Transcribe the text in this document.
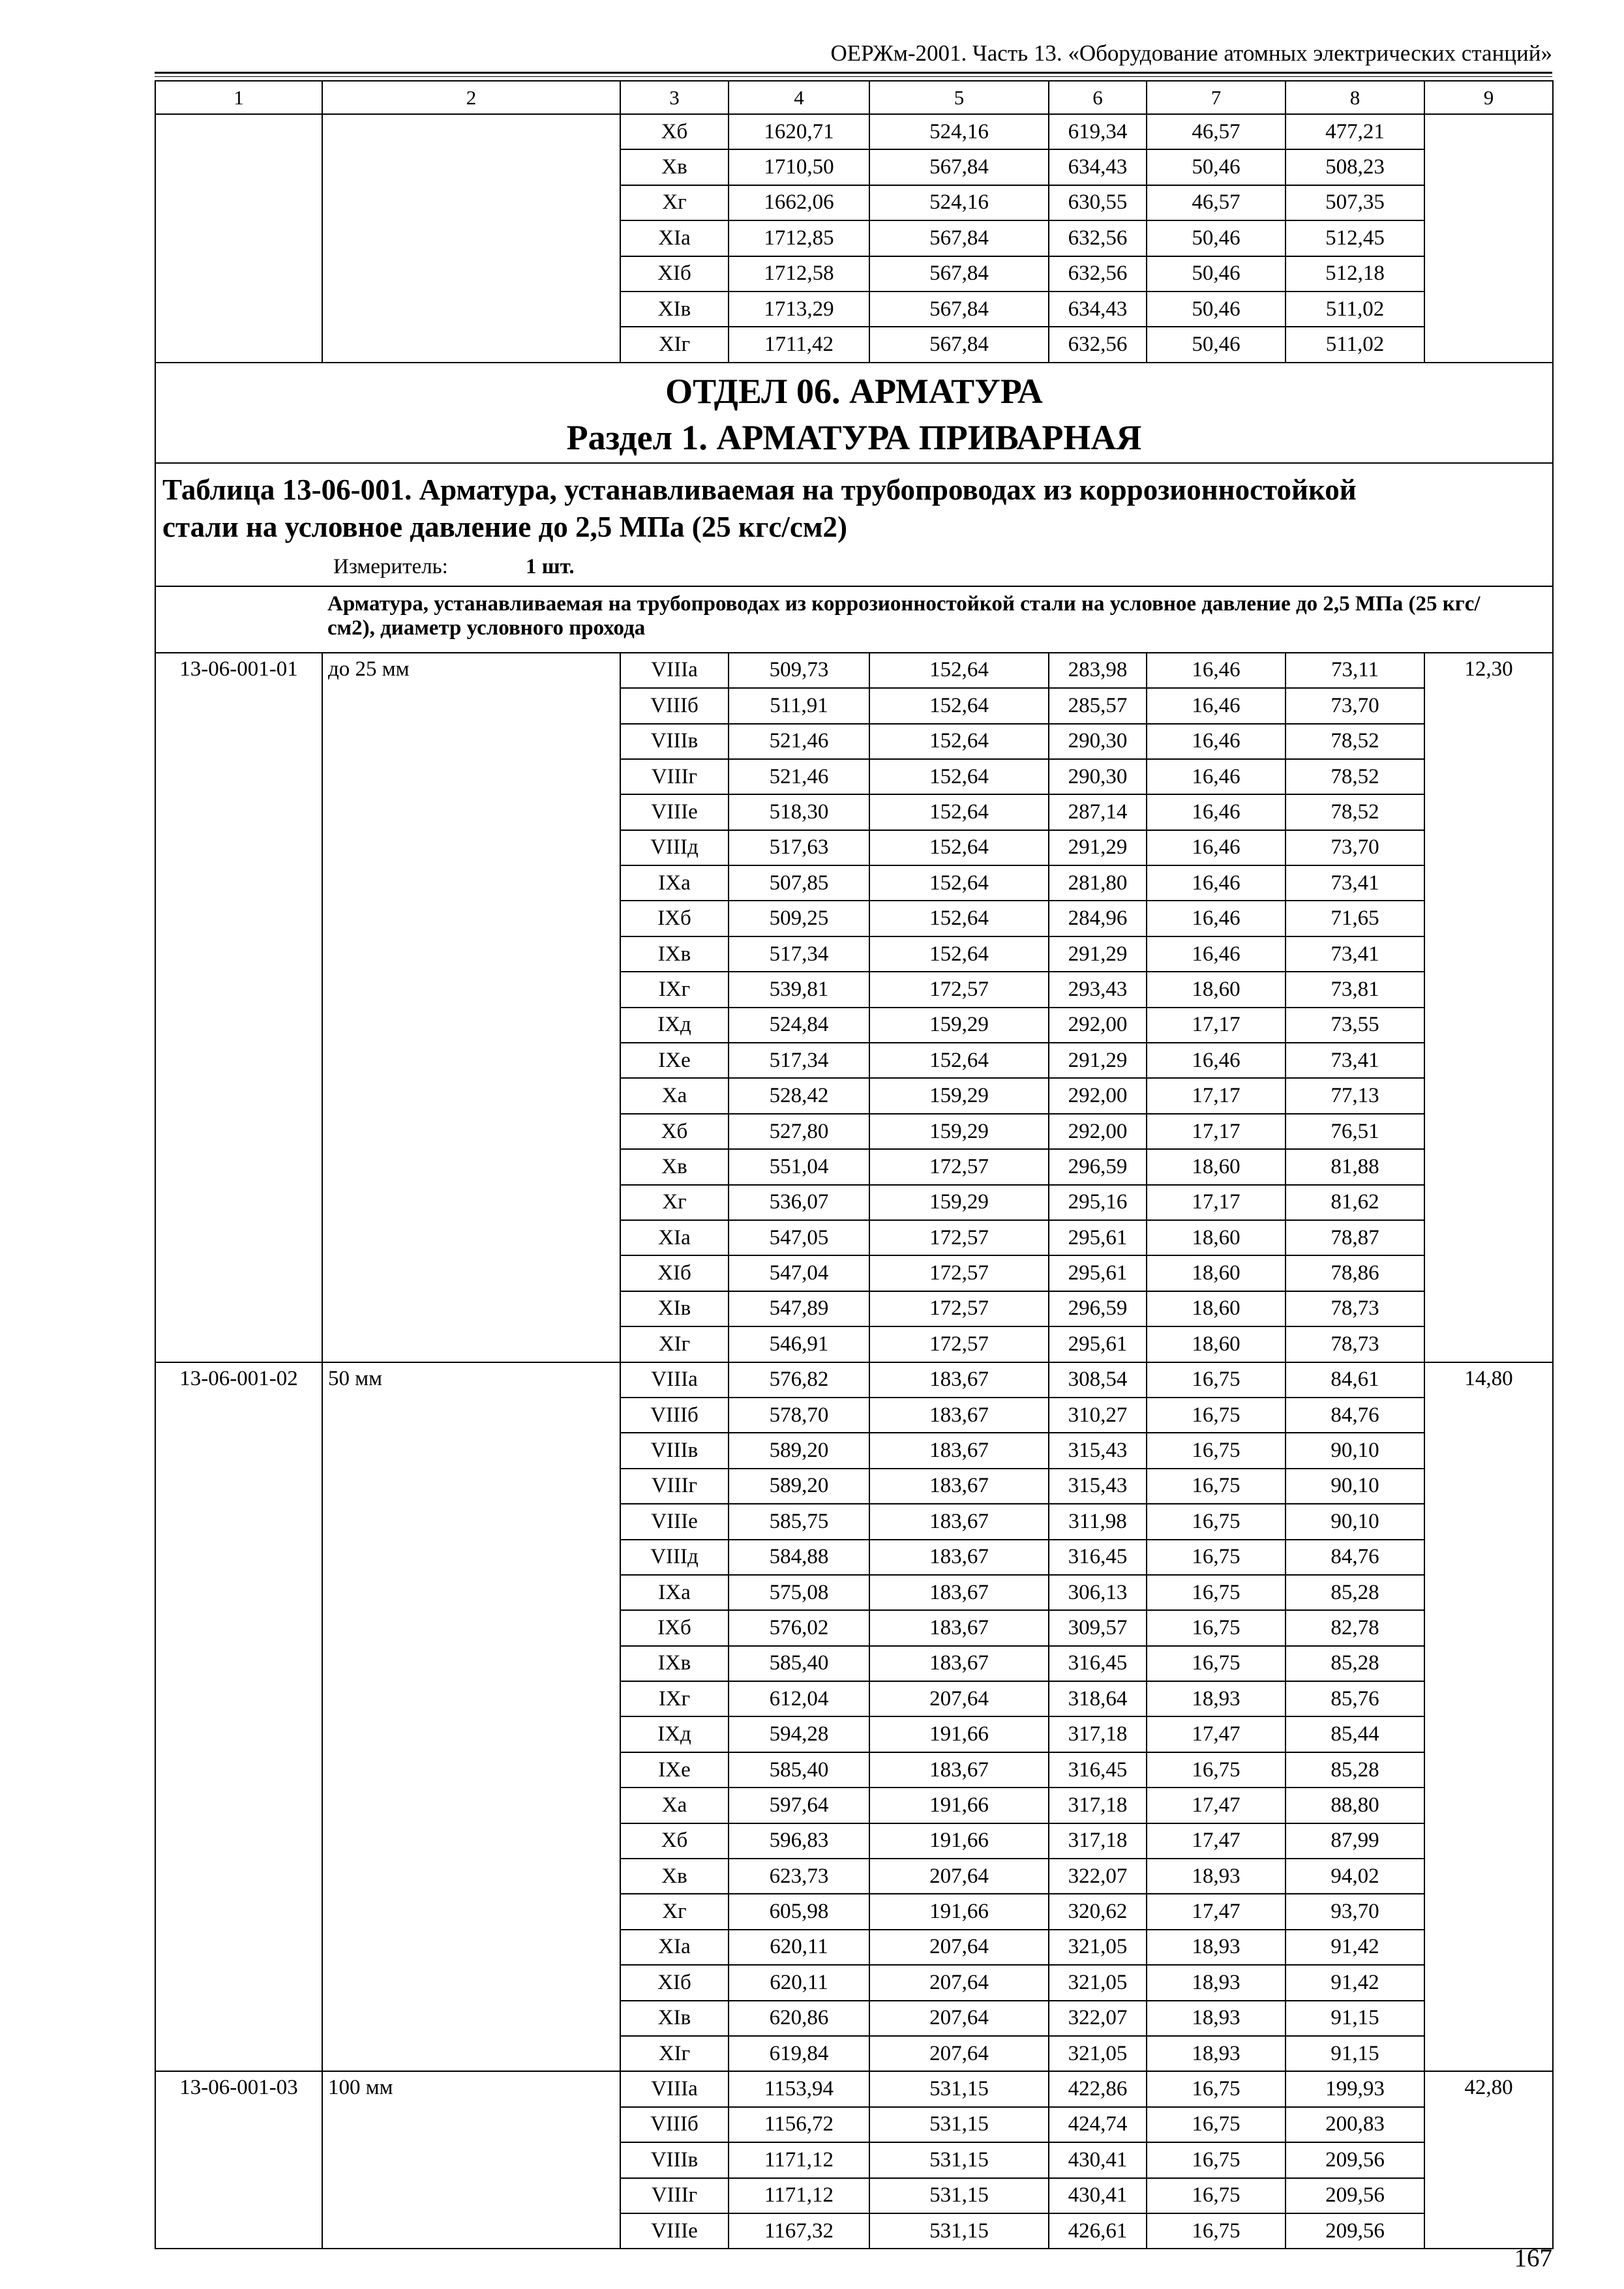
ОЕРЖм-2001. Часть 13. «Оборудование атомных электрических станций»
1	2	3	4	5	6	7	8	9
		Хб	1620,71	524,16	619,34	46,57	477,21	
		Хв	1710,50	567,84	634,43	50,46	508,23	
		Хг	1662,06	524,16	630,55	46,57	507,35	
		ХIа	1712,85	567,84	632,56	50,46	512,45	
		ХIб	1712,58	567,84	632,56	50,46	512,18	
		ХIв	1713,29	567,84	634,43	50,46	511,02	
		ХIг	1711,42	567,84	632,56	50,46	511,02	

ОТДЕЛ 06. АРМАТУРА
Раздел 1. АРМАТУРА ПРИВАРНАЯ								

Таблица 13-06-001. Арматура, устанавливаемая на трубопроводах из коррозионностойкой
стали на условное давление до 2,5 МПа (25 кгс/см2)
Измеритель: 1 шт.								

Арматура, устанавливаемая на трубопроводах из коррозионностойкой стали на условное давление до 2,5 МПа (25 кгс/ см2), диаметр условного прохода								

13-06-001-01	до 25 мм	VIIIа	509,73	152,64	283,98	16,46	73,11	12,30
		VIIIб	511,91	152,64	285,57	16,46	73,70	
		VIIIв	521,46	152,64	290,30	16,46	78,52	
		VIIIг	521,46	152,64	290,30	16,46	78,52	
		VIIIе	518,30	152,64	287,14	16,46	78,52	
		VIIIд	517,63	152,64	291,29	16,46	73,70	
		IХа	507,85	152,64	281,80	16,46	73,41	
		IХб	509,25	152,64	284,96	16,46	71,65	
		IХв	517,34	152,64	291,29	16,46	73,41	
		IХг	539,81	172,57	293,43	18,60	73,81	
		IХд	524,84	159,29	292,00	17,17	73,55	
		IХе	517,34	152,64	291,29	16,46	73,41	
		Ха	528,42	159,29	292,00	17,17	77,13	
		Хб	527,80	159,29	292,00	17,17	76,51	
		Хв	551,04	172,57	296,59	18,60	81,88	
		Хг	536,07	159,29	295,16	17,17	81,62	
		ХIа	547,05	172,57	295,61	18,60	78,87	
		ХIб	547,04	172,57	295,61	18,60	78,86	
		ХIв	547,89	172,57	296,59	18,60	78,73	
		ХIг	546,91	172,57	295,61	18,60	78,73	
13-06-001-02	50 мм	VIIIа	576,82	183,67	308,54	16,75	84,61	14,80
		VIIIб	578,70	183,67	310,27	16,75	84,76	
		VIIIв	589,20	183,67	315,43	16,75	90,10	
		VIIIг	589,20	183,67	315,43	16,75	90,10	
		VIIIе	585,75	183,67	311,98	16,75	90,10	
		VIIIд	584,88	183,67	316,45	16,75	84,76	
		IХа	575,08	183,67	306,13	16,75	85,28	
		IХб	576,02	183,67	309,57	16,75	82,78	
		IХв	585,40	183,67	316,45	16,75	85,28	
		IХг	612,04	207,64	318,64	18,93	85,76	
		IХд	594,28	191,66	317,18	17,47	85,44	
		IХе	585,40	183,67	316,45	16,75	85,28	
		Ха	597,64	191,66	317,18	17,47	88,80	
		Хб	596,83	191,66	317,18	17,47	87,99	
		Хв	623,73	207,64	322,07	18,93	94,02	
		Хг	605,98	191,66	320,62	17,47	93,70	
		ХIа	620,11	207,64	321,05	18,93	91,42	
		ХIб	620,11	207,64	321,05	18,93	91,42	
		ХIв	620,86	207,64	322,07	18,93	91,15	
		ХIг	619,84	207,64	321,05	18,93	91,15	
13-06-001-03	100 мм	VIIIа	1153,94	531,15	422,86	16,75	199,93	42,80
		VIIIб	1156,72	531,15	424,74	16,75	200,83	
		VIIIв	1171,12	531,15	430,41	16,75	209,56	
		VIIIг	1171,12	531,15	430,41	16,75	209,56	
		VIIIе	1167,32	531,15	426,61	16,75	209,56	
167
